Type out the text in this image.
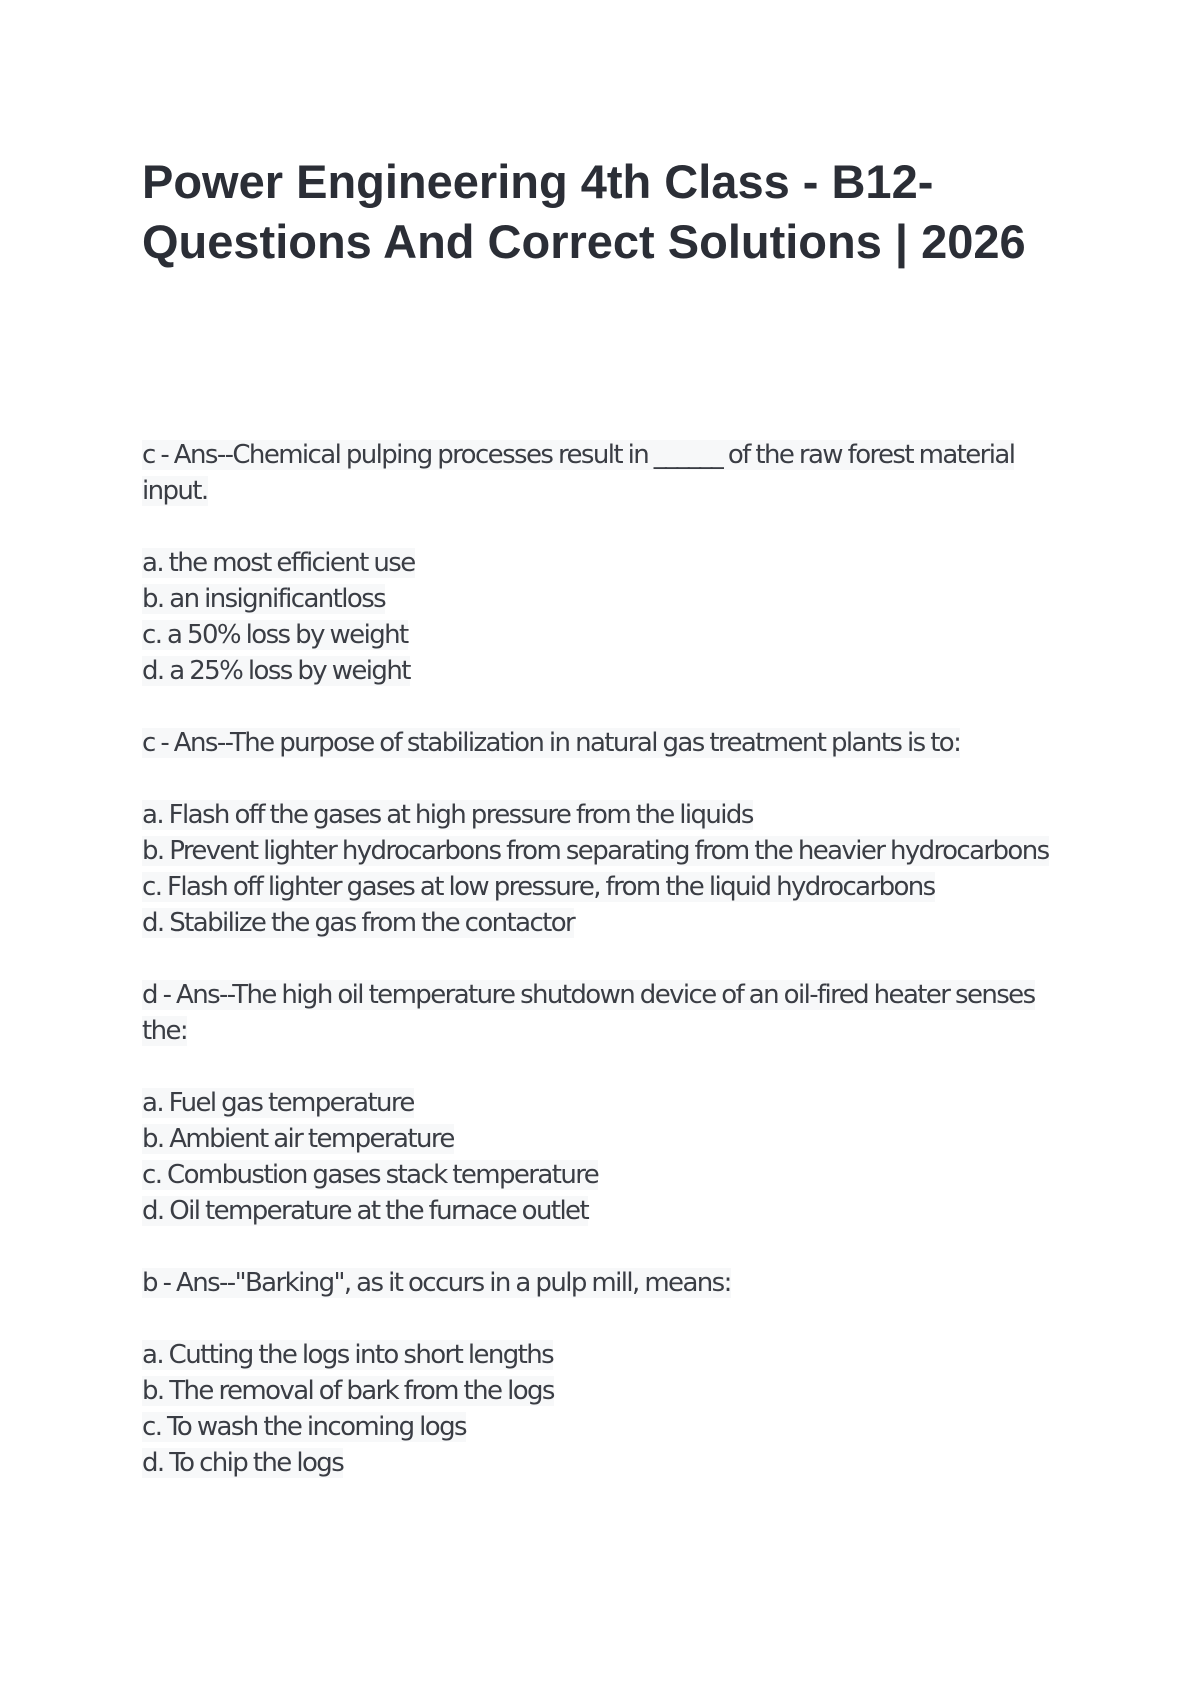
Power Engineering 4th Class - B12- Questions And Correct Solutions | 2026

c - Ans--Chemical pulping processes result in ______ of the raw forest material input.

a. the most efficient use
b. an insignificantloss
c. a 50% loss by weight
d. a 25% loss by weight

c - Ans--The purpose of stabilization in natural gas treatment plants is to:

a. Flash off the gases at high pressure from the liquids
b. Prevent lighter hydrocarbons from separating from the heavier hydrocarbons
c. Flash off lighter gases at low pressure, from the liquid hydrocarbons
d. Stabilize the gas from the contactor

d - Ans--The high oil temperature shutdown device of an oil-fired heater senses the:

a. Fuel gas temperature
b. Ambient air temperature
c. Combustion gases stack temperature
d. Oil temperature at the furnace outlet

b - Ans--"Barking", as it occurs in a pulp mill, means:

a. Cutting the logs into short lengths
b. The removal of bark from the logs
c. To wash the incoming logs
d. To chip the logs
